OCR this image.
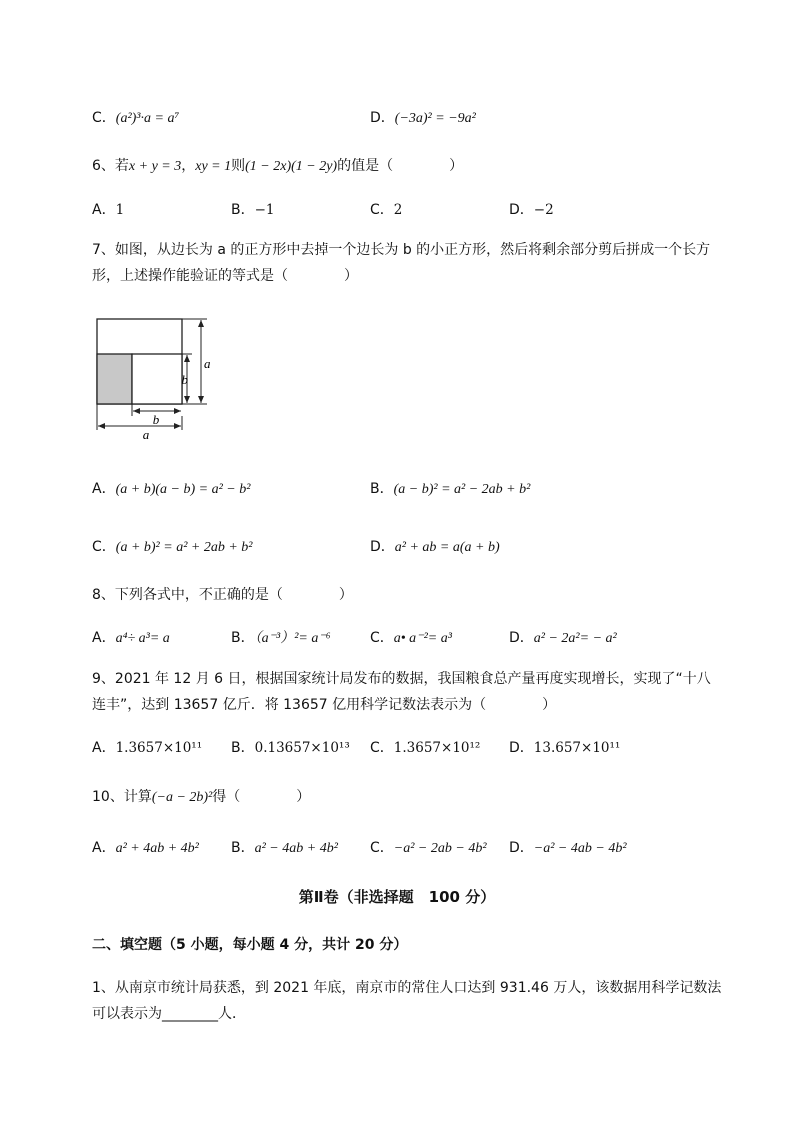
C．(a²)³·a = a⁷	D．(−3a)² = −9a²
6、若x + y = 3，xy = 1则(1 − 2x)(1 − 2y)的值是（　　　　）
A．1	B．−1	C．2	D．−2
7、如图，从边长为 a 的正方形中去掉一个边长为 b 的小正方形，然后将剩余部分剪后拼成一个长方
形，上述操作能验证的等式是（　　　　）
a
b
b
a
A．(a + b)(a − b) = a² − b²	B．(a − b)² = a² − 2ab + b²
C．(a + b)² = a² + 2ab + b²	D．a² + ab = a(a + b)
8、下列各式中，不正确的是（　　　　）
A．a⁴÷ a³= a	B．（a⁻³）²= a⁻⁶	C．a• a⁻²= a³	D．a² − 2a²= − a²
9、2021 年 12 月 6 日，根据国家统计局发布的数据，我国粮食总产量再度实现增长，实现了“十八
连丰”，达到 13657 亿斤．将 13657 亿用科学记数法表示为（　　　　）
A．1.3657×10¹¹ B．0.13657×10¹³ C．1.3657×10¹² D．13.657×10¹¹
10、计算(−a − 2b)²得（　　　　）
A．a² + 4ab + 4b² B．a² − 4ab + 4b² C．−a² − 2ab − 4b² D．−a² − 4ab − 4b²
第Ⅱ卷（非选择题　100 分）
二、填空题（5 小题，每小题 4 分，共计 20 分）
1、从南京市统计局获悉，到 2021 年底，南京市的常住人口达到 931.46 万人，该数据用科学记数法
可以表示为________人．
